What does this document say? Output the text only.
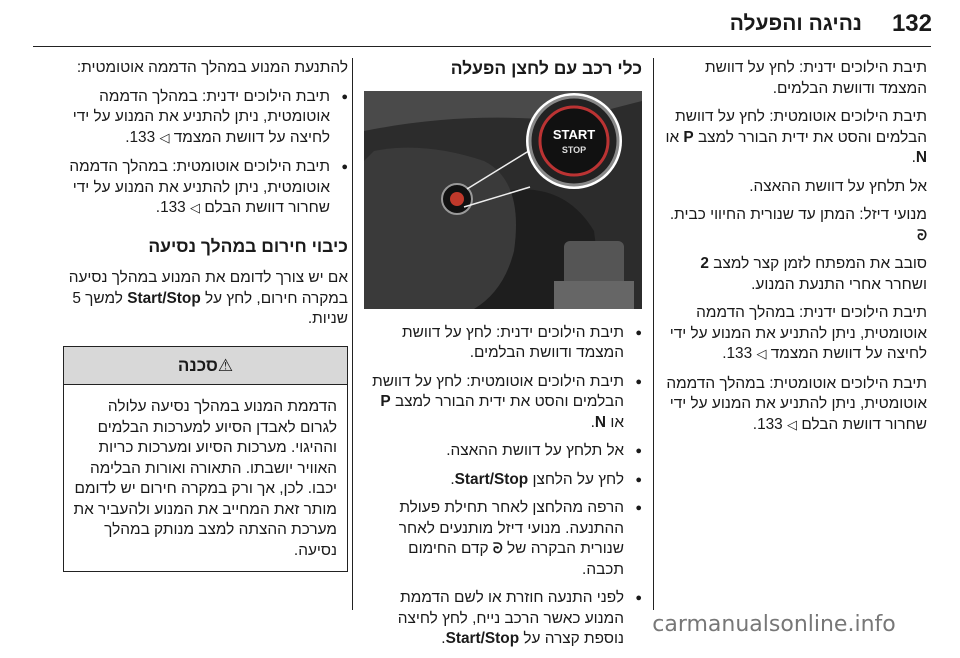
132
נהיגה והפעלה

תיבת הילוכים ידנית: לחץ על דוושת המצמד ודוושת הבלמים.

תיבת הילוכים אוטומטית: לחץ על דוושת הבלמים והסט את ידית הבורר למצב P או N.

אל תלחץ על דוושת ההאצה.

מנועי דיזל: המתן עד שנורית החיווי כבית. ᘒ

סובב את המפתח לזמן קצר למצב 2 ושחרר אחרי התנעת המנוע.

תיבת הילוכים ידנית: במהלך הדממה אוטומטית, ניתן להתניע את המנוע על ידי לחיצה על דוושת המצמד ◁ 133.

תיבת הילוכים אוטומטית: במהלך הדממה אוטומטית, ניתן להתניע את המנוע על ידי שחרור דוושת הבלם ◁ 133.

כלי רכב עם לחצן הפעלה
START
STOP
● תיבת הילוכים ידנית: לחץ על דוושת המצמד ודוושת הבלמים.
● תיבת הילוכים אוטומטית: לחץ על דוושת הבלמים והסט את ידית הבורר למצב P או N.
● אל תלחץ על דוושת ההאצה.
● לחץ על הלחצן Start/Stop.
● הרפה מהלחצן לאחר תחילת פעולת ההתנעה. מנועי דיזל מותנעים לאחר שנורית הבקרה של ᘒ קדם החימום תכבה.
● לפני התנעה חוזרת או לשם הדממת המנוע כאשר הרכב נייח, לחץ לחיצה נוספת קצרה על Start/Stop.

להתנעת המנוע במהלך הדממה אוטומטית:

● תיבת הילוכים ידנית: במהלך הדממה אוטומטית, ניתן להתניע את המנוע על ידי לחיצה על דוושת המצמד ◁ 133.
● תיבת הילוכים אוטומטית: במהלך הדממה אוטומטית, ניתן להתניע את המנוע על ידי שחרור דוושת הבלם ◁ 133.
כיבוי חירום במהלך נסיעה

אם יש צורך לדומם את המנוע במהלך נסיעה במקרה חירום, לחץ על Start/Stop למשך 5 שניות.

⚠סכנה
הדממת המנוע במהלך נסיעה עלולה לגרום לאבדן הסיוע למערכות הבלמים וההיגוי. מערכות הסיוע ומערכות כריות האוויר יושבתו. התאורה ואורות הבלימה יכבו. לכן, אך ורק במקרה חירום יש לדומם מותר זאת המחייב את המנוע ולהעביר את מערכת ההצתה למצב מנותק במהלך נסיעה.
carmanualsonline.info
